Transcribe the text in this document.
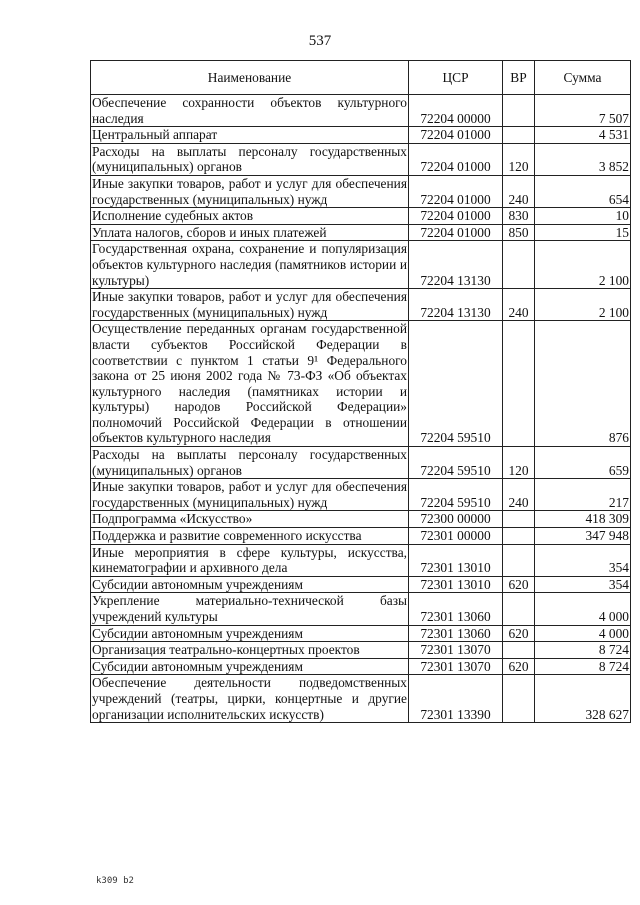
537
Наименование	ЦСР	ВР	Сумма
Обеспечение сохранности объектов культурного наследия	72204 00000		7 507
Центральный аппарат	72204 01000		4 531
Расходы на выплаты персоналу государственных (муниципальных) органов	72204 01000	120	3 852
Иные закупки товаров, работ и услуг для обеспечения государственных (муниципальных) нужд	72204 01000	240	654
Исполнение судебных актов	72204 01000	830	10
Уплата налогов, сборов и иных платежей	72204 01000	850	15
Государственная охрана, сохранение и популяризация объектов культурного наследия (памятников истории и культуры)	72204 13130		2 100
Иные закупки товаров, работ и услуг для обеспечения государственных (муниципальных) нужд	72204 13130	240	2 100
Осуществление переданных органам государственной власти субъектов Российской Федерации в соответствии с пунктом 1 статьи 9¹ Федерального закона от 25 июня 2002 года № 73-ФЗ «Об объектах культурного наследия (памятниках истории и культуры) народов Российской Федерации» полномочий Российской Федерации в отношении объектов культурного наследия	72204 59510		876
Расходы на выплаты персоналу государственных (муниципальных) органов	72204 59510	120	659
Иные закупки товаров, работ и услуг для обеспечения государственных (муниципальных) нужд	72204 59510	240	217
Подпрограмма «Искусство»	72300 00000		418 309
Поддержка и развитие современного искусства	72301 00000		347 948
Иные мероприятия в сфере культуры, искусства, кинематографии и архивного дела	72301 13010		354
Субсидии автономным учреждениям	72301 13010	620	354
Укрепление материально-технической базы учреждений культуры	72301 13060		4 000
Субсидии автономным учреждениям	72301 13060	620	4 000
Организация театрально-концертных проектов	72301 13070		8 724
Субсидии автономным учреждениям	72301 13070	620	8 724
Обеспечение деятельности подведомственных учреждений (театры, цирки, концертные и другие организации исполнительских искусств)	72301 13390		328 627
k309 b2
